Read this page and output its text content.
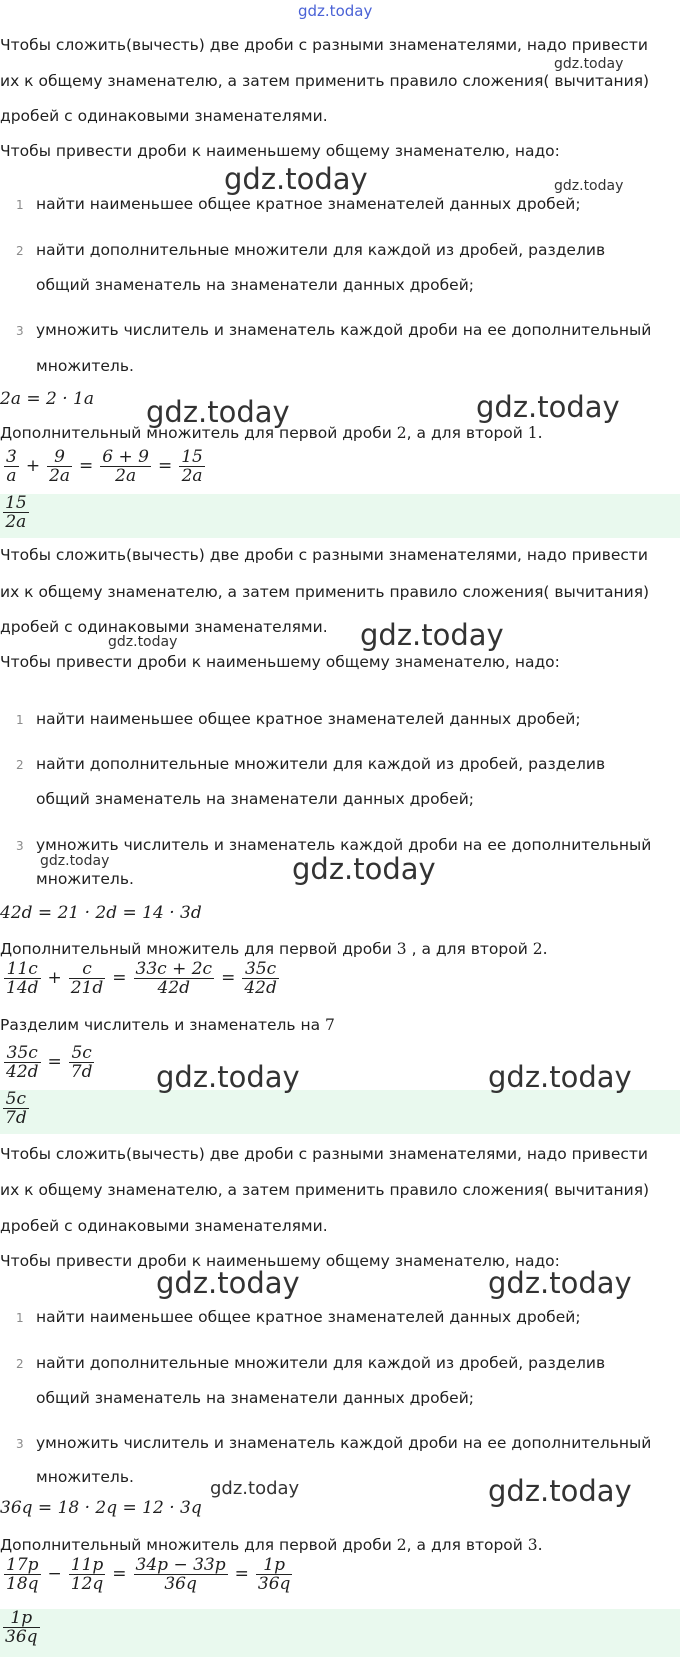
gdz.today
Чтобы сложить(вычесть) две дроби с разными знаменателями, надо привести
их к общему знаменателю, а затем применить правило сложения( вычитания)
дробей с одинаковыми знаменателями.
Чтобы привести дроби к наименьшему общему знаменателю, надо:
1 найти наименьшее общее кратное знаменателей данных дробей;
2 найти дополнительные множители для каждой из дробей, разделив
общий знаменатель на знаменатели данных дробей;
3 умножить числитель и знаменатель каждой дроби на ее дополнительный
множитель.
2a = 2 · 1a
Дополнительный множитель для первой дроби 2, а для второй 1.
$\frac{3}{a} + \frac{9}{2a} = \frac{6 + 9}{2a} = \frac{15}{2a}$
$\frac{15}{2a}$
Чтобы сложить(вычесть) две дроби с разными знаменателями, надо привести
их к общему знаменателю, а затем применить правило сложения( вычитания)
дробей с одинаковыми знаменателями.
Чтобы привести дроби к наименьшему общему знаменателю, надо:
1 найти наименьшее общее кратное знаменателей данных дробей;
2 найти дополнительные множители для каждой из дробей, разделив
общий знаменатель на знаменатели данных дробей;
3 умножить числитель и знаменатель каждой дроби на ее дополнительный
множитель.
42d = 21 · 2d = 14 · 3d
Дополнительный множитель для первой дроби 3 , а для второй 2.
$\frac{11c}{14d} + \frac{c}{21d} = \frac{33c + 2c}{42d} = \frac{35c}{42d}$
Разделим числитель и знаменатель на 7
$\frac{35c}{42d} = \frac{5c}{7d}$
$\frac{5c}{7d}$
Чтобы сложить(вычесть) две дроби с разными знаменателями, надо привести
их к общему знаменателю, а затем применить правило сложения( вычитания)
дробей с одинаковыми знаменателями.
Чтобы привести дроби к наименьшему общему знаменателю, надо:
1 найти наименьшее общее кратное знаменателей данных дробей;
2 найти дополнительные множители для каждой из дробей, разделив
общий знаменатель на знаменатели данных дробей;
3 умножить числитель и знаменатель каждой дроби на ее дополнительный
множитель.
36q = 18 · 2q = 12 · 3q
Дополнительный множитель для первой дроби 2, а для второй 3.
$\frac{17p}{18q} - \frac{11p}{12q} = \frac{34p - 33p}{36q} = \frac{1p}{36q}$
$\frac{1p}{36q}$
gdz.today
gdz.today	gdz.today
gdz.today	gdz.today
gdz.today	gdz.today
gdz.today	gdz.today
gdz.today	gdz.today
gdz.today	gdz.today
gdz.today	gdz.today
